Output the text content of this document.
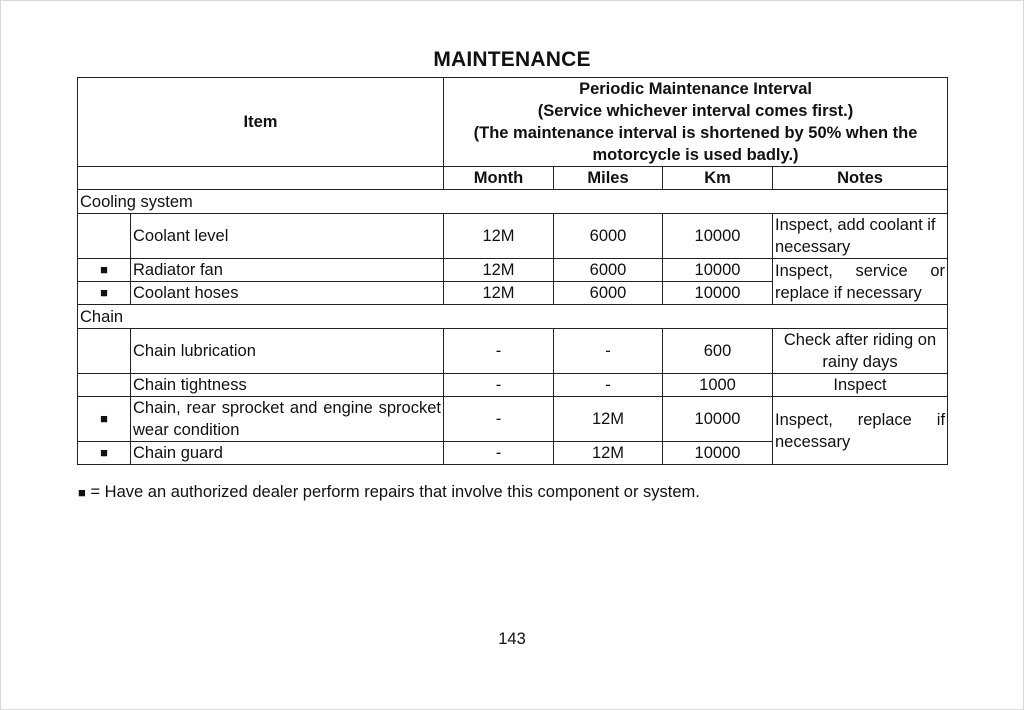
MAINTENANCE
Item		Periodic Maintenance Interval
(Service whichever interval comes first.)
(The maintenance interval is shortened by 50% when the
motorcycle is used badly.)			

		Month	Miles	Km	Notes
Cooling system					
	Coolant level	12M	6000	10000	Inspect, add coolant if necessary
■	Radiator fan	12M	6000	10000	Inspect, service or replace if necessary
■	Coolant hoses	12M	6000	10000	
Chain					
	Chain lubrication	-	-	600	Check after riding on rainy days
	Chain tightness	-	-	1000	Inspect
■	Chain, rear sprocket and engine sprocket wear condition	-	12M	10000	Inspect, replace if necessary
■	Chain guard	-	12M	10000	
■ = Have an authorized dealer perform repairs that involve this component or system.
143
